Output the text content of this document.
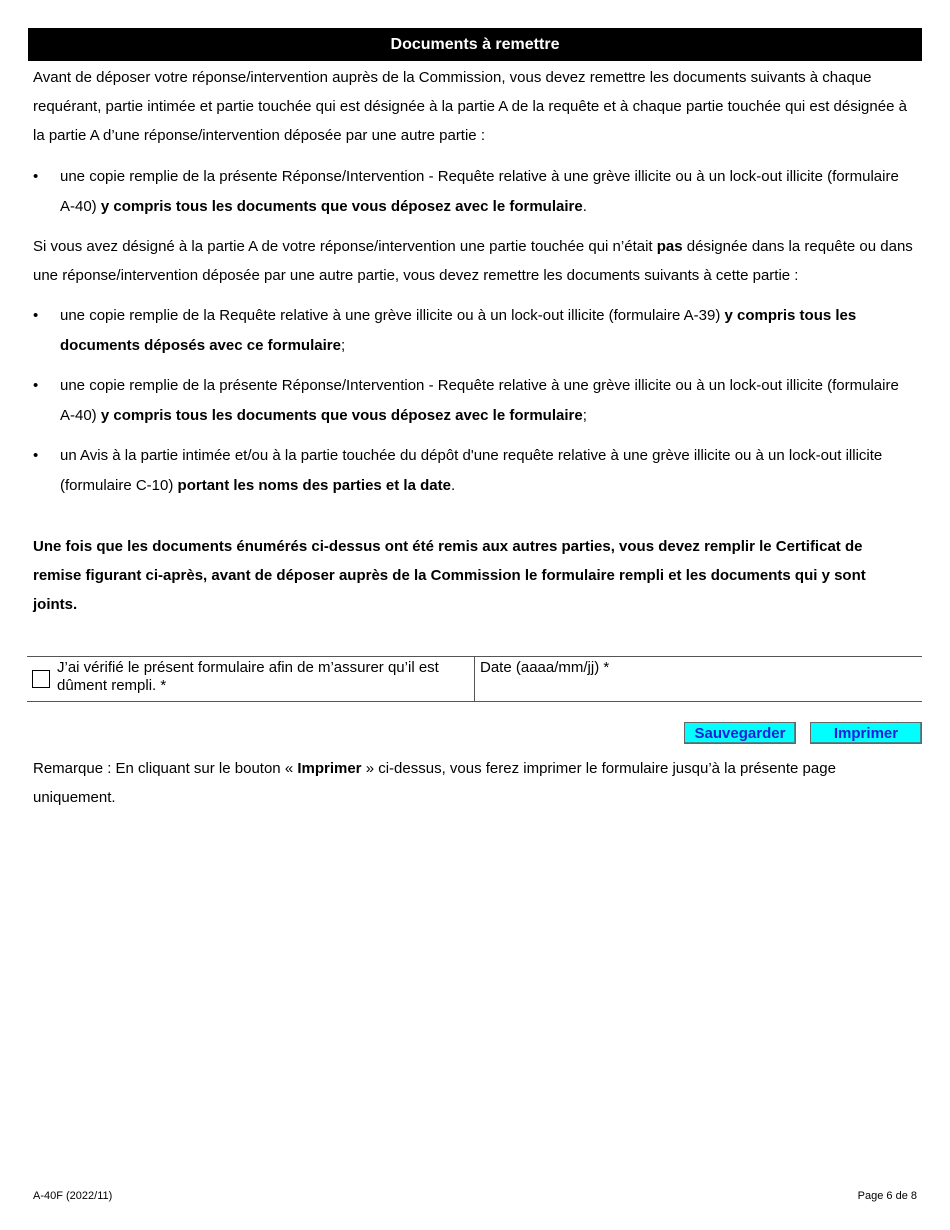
Documents à remettre

Avant de déposer votre réponse/intervention auprès de la Commission, vous devez remettre les documents suivants à chaque requérant, partie intimée et partie touchée qui est désignée à la partie A de la requête et à chaque partie touchée qui est désignée à la partie A d’une réponse/intervention déposée par une autre partie :

• une copie remplie de la présente Réponse/Intervention - Requête relative à une grève illicite ou à un lock-out illicite (formulaire A-40) y compris tous les documents que vous déposez avec le formulaire.

Si vous avez désigné à la partie A de votre réponse/intervention une partie touchée qui n’était pas désignée dans la requête ou dans une réponse/intervention déposée par une autre partie, vous devez remettre les documents suivants à cette partie :

• une copie remplie de la Requête relative à une grève illicite ou à un lock-out illicite (formulaire A-39) y compris tous les documents déposés avec ce formulaire;
• une copie remplie de la présente Réponse/Intervention - Requête relative à une grève illicite ou à un lock-out illicite (formulaire A-40) y compris tous les documents que vous déposez avec le formulaire;
• un Avis à la partie intimée et/ou à la partie touchée du dépôt d'une requête relative à une grève illicite ou à un lock-out illicite (formulaire C-10) portant les noms des parties et la date.

Une fois que les documents énumérés ci-dessus ont été remis aux autres parties, vous devez remplir le Certificat de remise figurant ci-après, avant de déposer auprès de la Commission le formulaire rempli et les documents qui y sont joints.

J’ai vérifié le présent formulaire afin de m’assurer qu’il est dûment rempli. *
Date (aaaa/mm/jj) *
Sauvegarder	Imprimer

Remarque : En cliquant sur le bouton « Imprimer » ci-dessus, vous ferez imprimer le formulaire jusqu’à la présente page uniquement.

A-40F (2022/11)	Page 6 de 8
